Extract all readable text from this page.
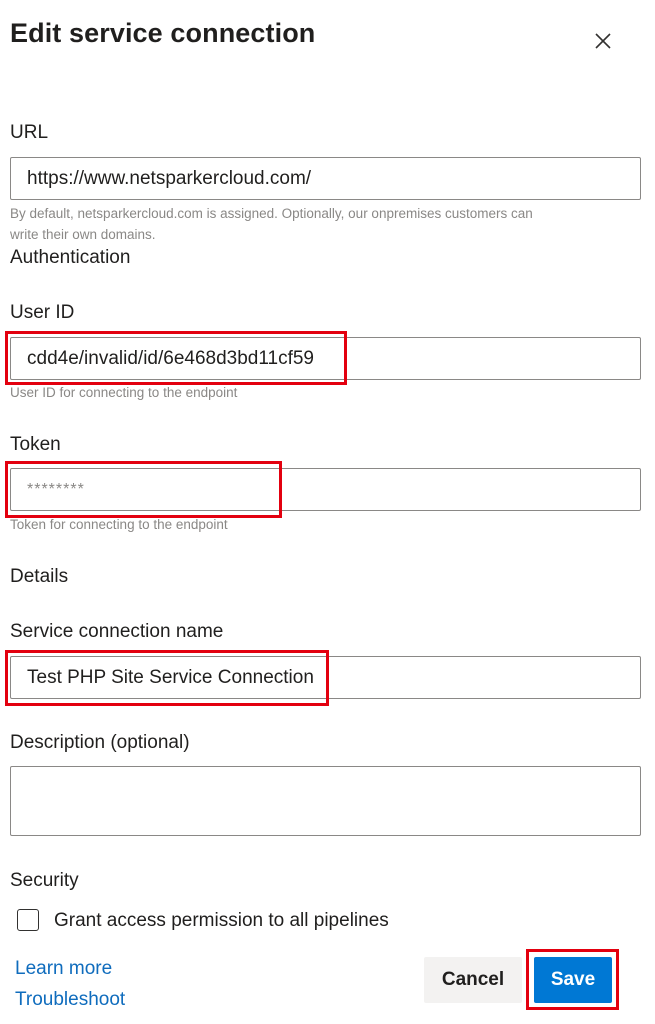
Edit service connection
URL
https://www.netsparkercloud.com/
By default, netsparkercloud.com is assigned. Optionally, our onpremises customers can
write their own domains.
Authentication
User ID
cdd4e/invalid/id/6e468d3bd11cf59
User ID for connecting to the endpoint
Token
********
Token for connecting to the endpoint
Details
Service connection name
Test PHP Site Service Connection
Description (optional)
Security
Grant access permission to all pipelines
Learn more
Troubleshoot
Cancel	Save
